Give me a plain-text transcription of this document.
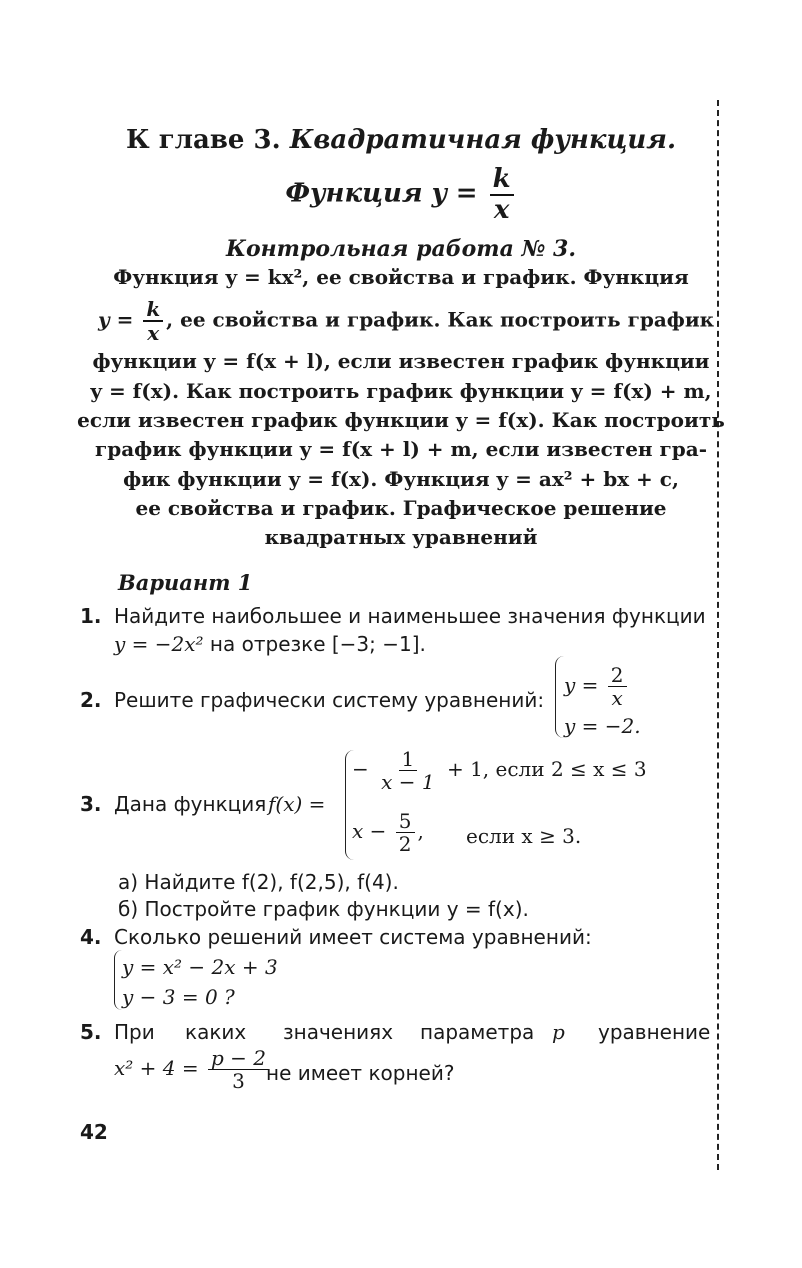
К главе 3. Квадратичная функция.
Функция $y = \frac{k}{x}$
Контрольная работа № 3.
Функция y = kx², ее свойства и график. Функция
$y = \frac{k}{x}$ , ее свойства и график. Как построить график
функции y = f(x + l), если известен график функции
y = f(x). Как построить график функции y = f(x) + m,
если известен график функции y = f(x). Как построить
график функции y = f(x + l) + m, если известен гра-
фик функции y = f(x). Функция y = ax² + bx + c,
ее свойства и график. Графическое решение
квадратных уравнений
Вариант 1
1. Найдите наибольшее и наименьшее значения функции
y = −2x² на отрезке [−3; −1].
2. Решите графически систему уравнений:
$y = \frac{2}{x}$
y = −2.
3. Дана функция f(x) =
− $\frac{1}{x - 1} + 1$, если 2 ≤ x ≤ 3
$x - \frac{5}{2}$ , если x ≥ 3.
а) Найдите f(2), f(2,5), f(4).
б) Постройте график функции y = f(x).
4. Сколько решений имеет система уравнений:
y = x² − 2x + 3
y − 3 = 0 ?
5. При каких значениях параметра p уравнение
$x^2 + 4 = \frac{p - 2}{3}$
не имеет корней?
42
